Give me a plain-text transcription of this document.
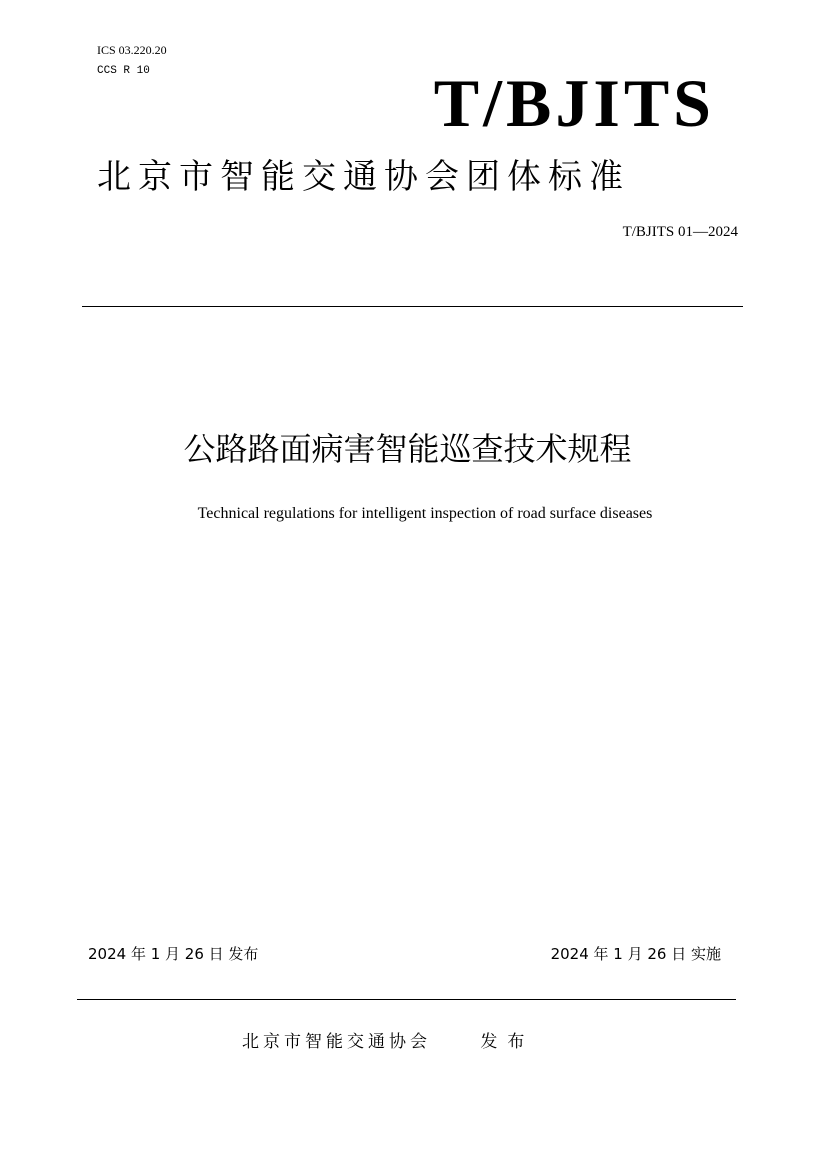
ICS 03.220.20
CCS R 10	T/BJITS
北京市智能交通协会团体标准
T/BJITS 01—2024
公路路面病害智能巡查技术规程
Technical regulations for intelligent inspection of road surface diseases
2024 年 1 月 26 日 发布	2024 年 1 月 26 日 实施
北京市智能交通协会	发布
